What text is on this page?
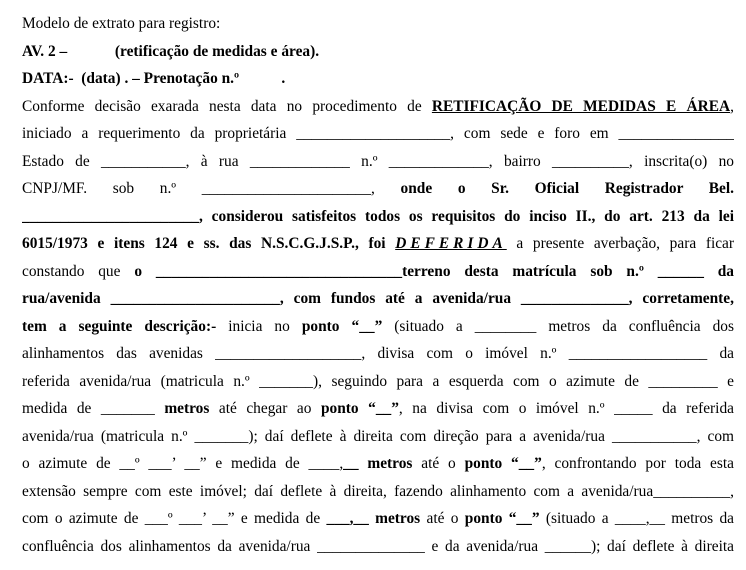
Modelo de extrato para registro:
AV. 2 –	(retificação de medidas e área).
DATA:-  (data) . – Prenotação n.º           .
Conforme decisão exarada nesta data no procedimento de RETIFICAÇÃO DE MEDIDAS E ÁREA,
iniciado a requerimento da proprietária ____________________, com sede e foro em _______________
Estado de ___________, à rua _____________ n.º _____________, bairro __________, inscrita(o) no
CNPJ/MF.  sob  n.º  ______________________,  onde  o  Sr.  Oficial  Registrador  Bel.
_______________________, considerou satisfeitos todos os requisitos do inciso II., do art. 213 da lei
6015/1973 e itens 124 e ss. das N.S.C.G.J.S.P., foi DEFERIDA a presente averbação, para ficar
constando que o ________________________________terreno desta matrícula sob n.º ______ da
rua/avenida ______________________, com fundos até a avenida/rua ______________, corretamente,
tem a seguinte descrição:- inicia no ponto “__” (situado a ________ metros da confluência dos
alinhamentos das avenidas ___________________, divisa com o imóvel n.º __________________ da
referida avenida/rua (matricula n.º _______), seguindo para a esquerda com o azimute de _________ e
medida de _______ metros até chegar ao ponto “__”, na divisa com o imóvel n.º _____ da referida
avenida/rua (matricula n.º _______); daí deflete à direita com direção para a avenida/rua ___________, com
o azimute de __º ___’ __” e medida de ____,__ metros até o ponto “__”, confrontando por toda esta
extensão sempre com este imóvel; daí deflete à direita, fazendo alinhamento com a avenida/rua__________,
com o azimute de ___º ___’ __” e medida de ___,__ metros até o ponto “__” (situado a ____,__ metros da
confluência dos alinhamentos da avenida/rua ______________ e da avenida/rua ______); daí deflete à direita
